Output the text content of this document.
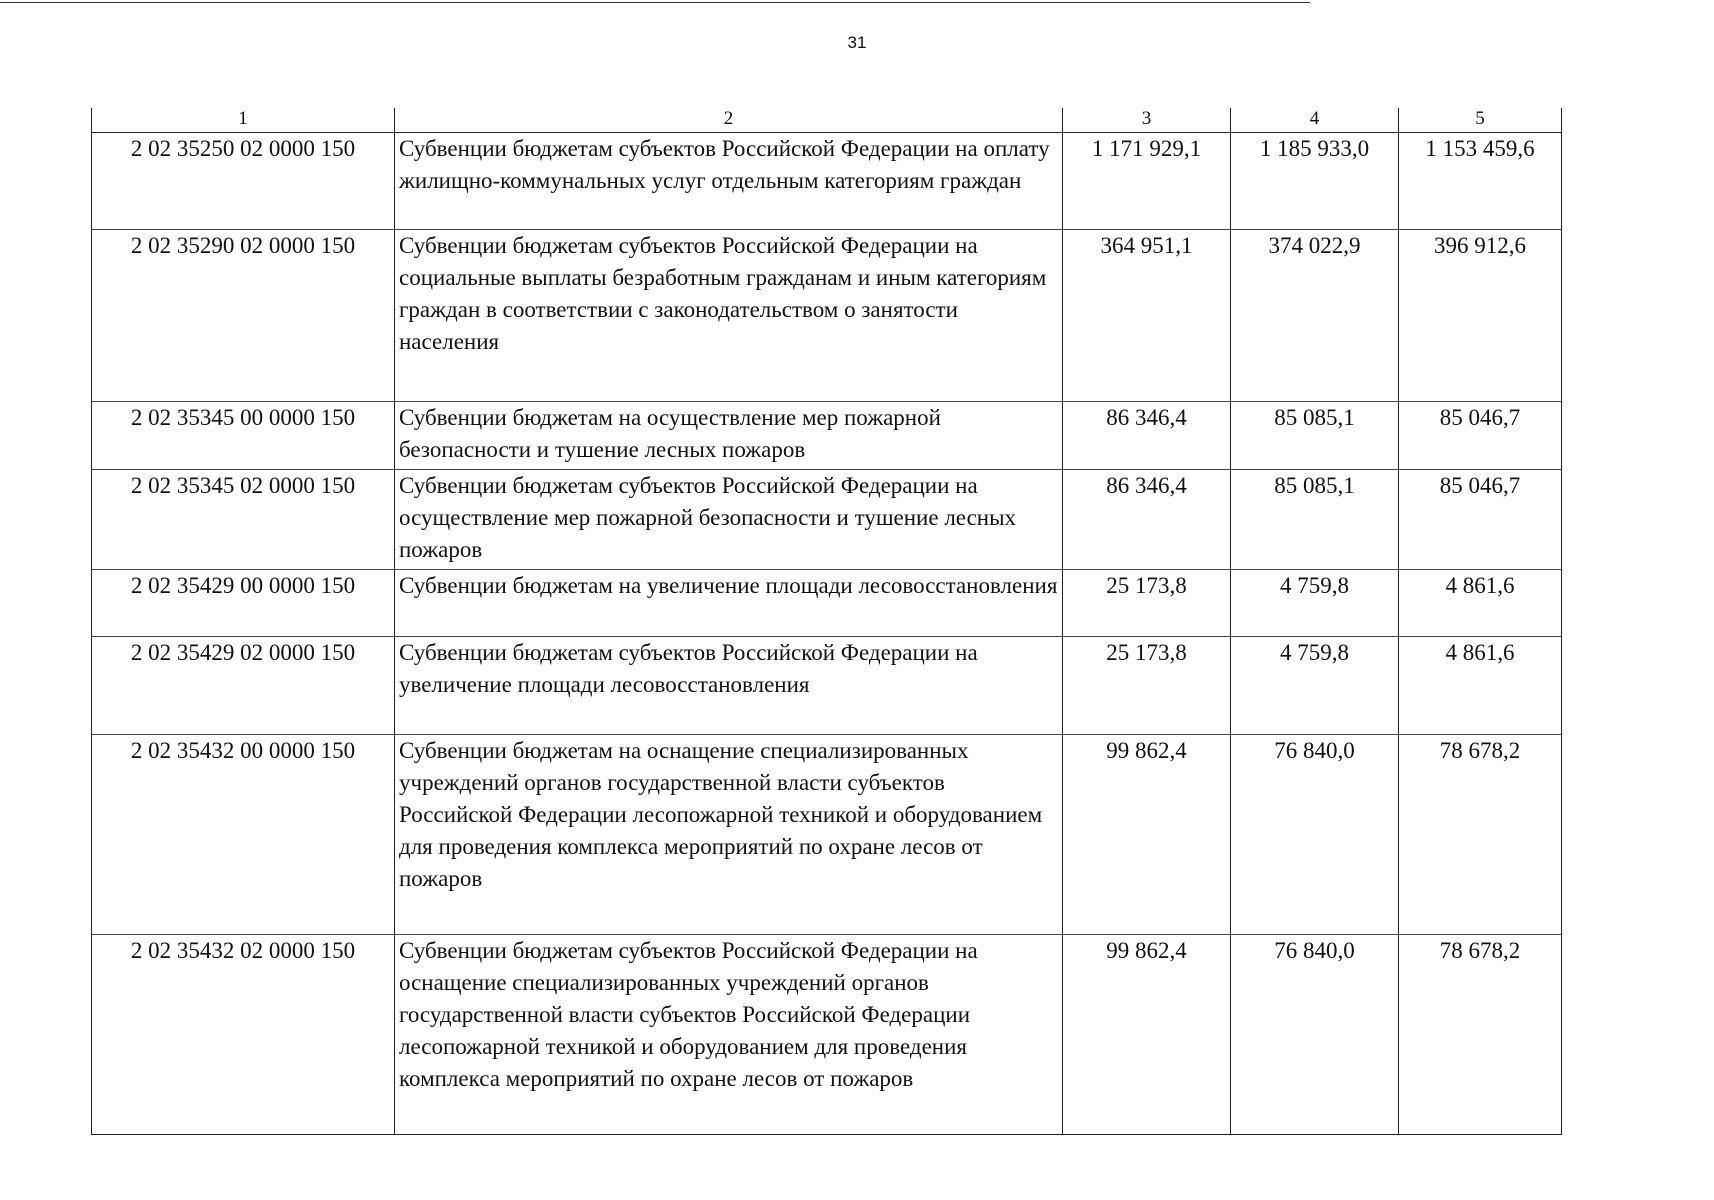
31
1	2	3	4	5
2 02 35250 02 0000 150	Субвенции бюджетам субъектов Российской Федерации на оплату жилищно-коммунальных услуг отдельным категориям граждан	1 171 929,1	1 185 933,0	1 153 459,6
2 02 35290 02 0000 150	Субвенции бюджетам субъектов Российской Федерации на социальные выплаты безработным гражданам и иным категориям граждан в соответствии с законодательством о занятости населения	364 951,1	374 022,9	396 912,6
2 02 35345 00 0000 150	Субвенции бюджетам на осуществление мер пожарной безопасности и тушение лесных пожаров	86 346,4	85 085,1	85 046,7
2 02 35345 02 0000 150	Субвенции бюджетам субъектов Российской Федерации на осуществление мер пожарной безопасности и тушение лесных пожаров	86 346,4	85 085,1	85 046,7
2 02 35429 00 0000 150	Субвенции бюджетам на увеличение площади лесовосстановления	25 173,8	4 759,8	4 861,6
2 02 35429 02 0000 150	Субвенции бюджетам субъектов Российской Федерации на увеличение площади лесовосстановления	25 173,8	4 759,8	4 861,6
2 02 35432 00 0000 150	Субвенции бюджетам на оснащение специализированных учреждений органов государственной власти субъектов Российской Федерации лесопожарной техникой и оборудованием для проведения комплекса мероприятий по охране лесов от пожаров	99 862,4	76 840,0	78 678,2
2 02 35432 02 0000 150	Субвенции бюджетам субъектов Российской Федерации на оснащение специализированных учреждений органов государственной власти субъектов Российской Федерации лесопожарной техникой и оборудованием для проведения комплекса мероприятий по охране лесов от пожаров	99 862,4	76 840,0	78 678,2
